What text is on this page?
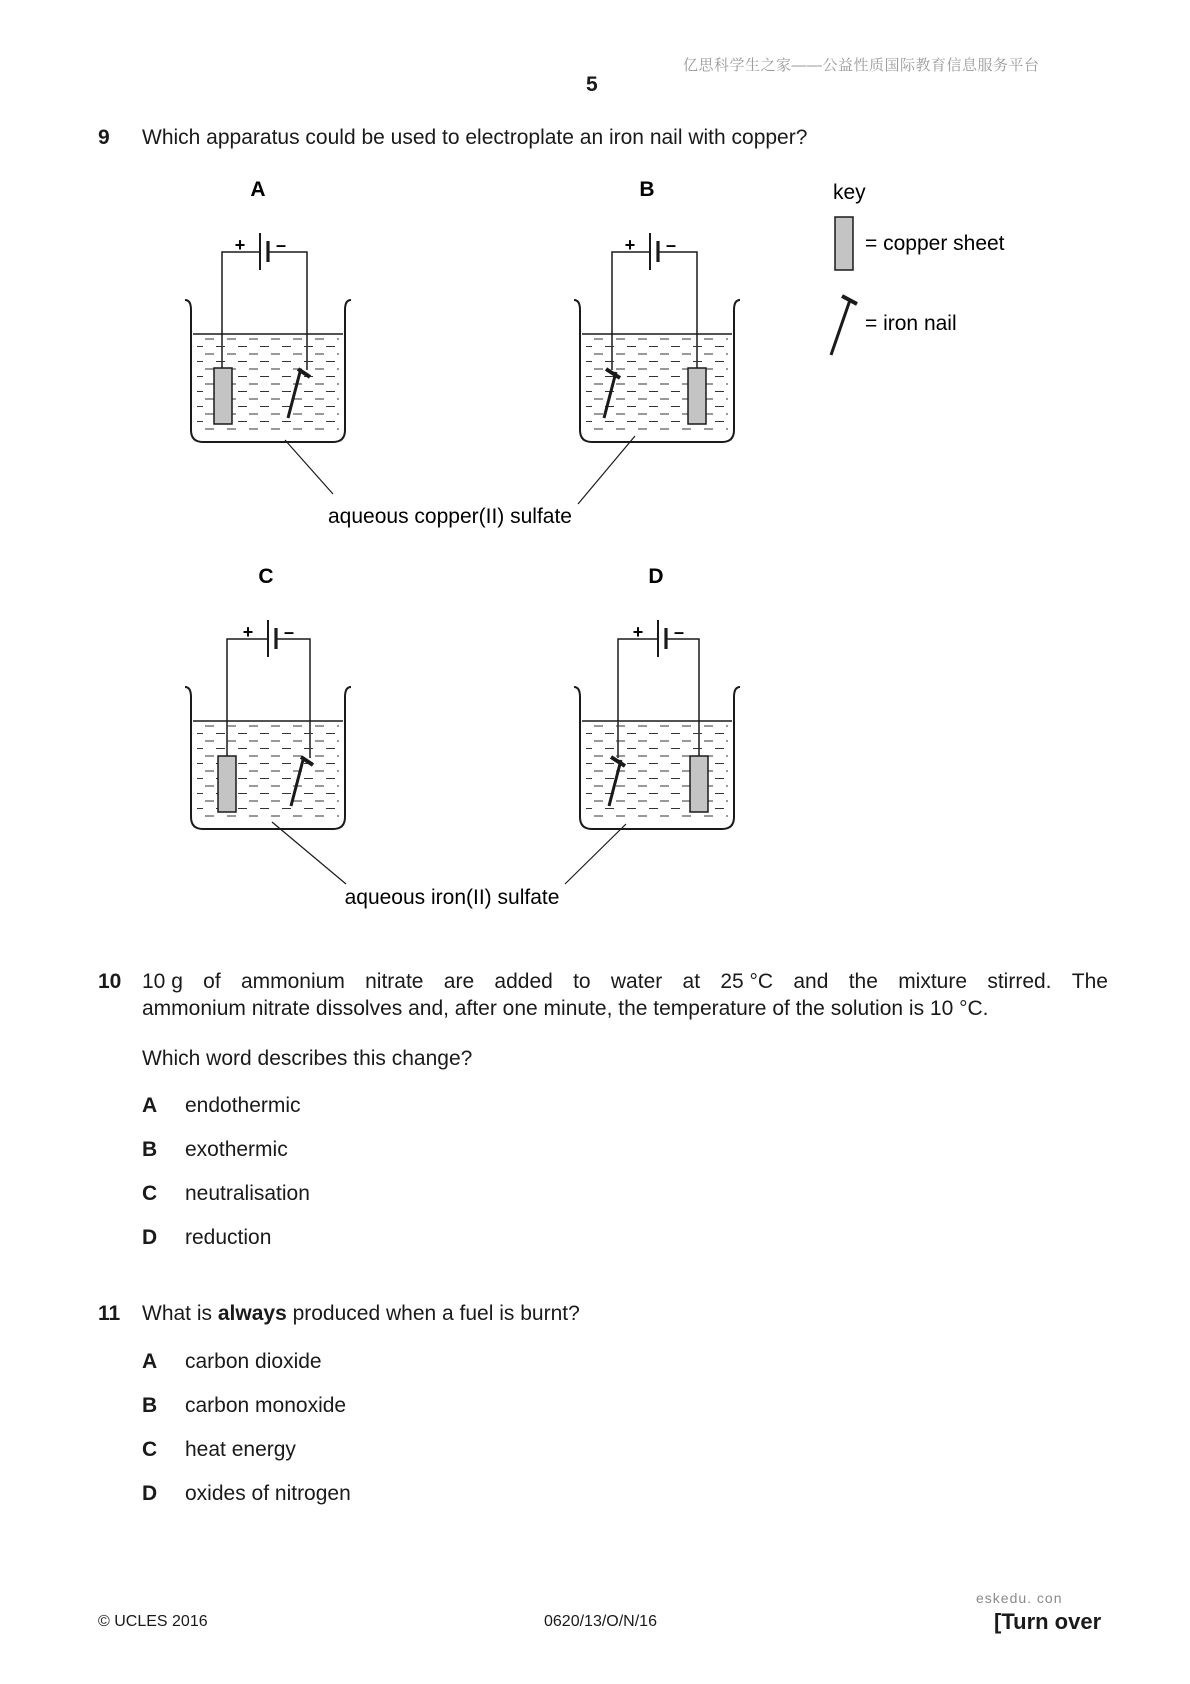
亿思科学生之家——公益性质国际教育信息服务平台
5
9 Which apparatus could be used to electroplate an iron nail with copper?
A
+ –
B
+ –
key
= copper sheet
= iron nail
aqueous copper(II) sulfate
C
+ –
D
+ –
aqueous iron(II) sulfate
10 10 g of ammonium nitrate are added to water at 25 °C and the mixture stirred. The
ammonium nitrate dissolves and, after one minute, the temperature of the solution is 10 °C.
Which word describes this change?
A endothermic
B exothermic
C neutralisation
D reduction
11 What is always produced when a fuel is burnt?
A carbon dioxide
B carbon monoxide
C heat energy
D oxides of nitrogen
eskedu. con
© UCLES 2016	0620/13/O/N/16	[Turn over
